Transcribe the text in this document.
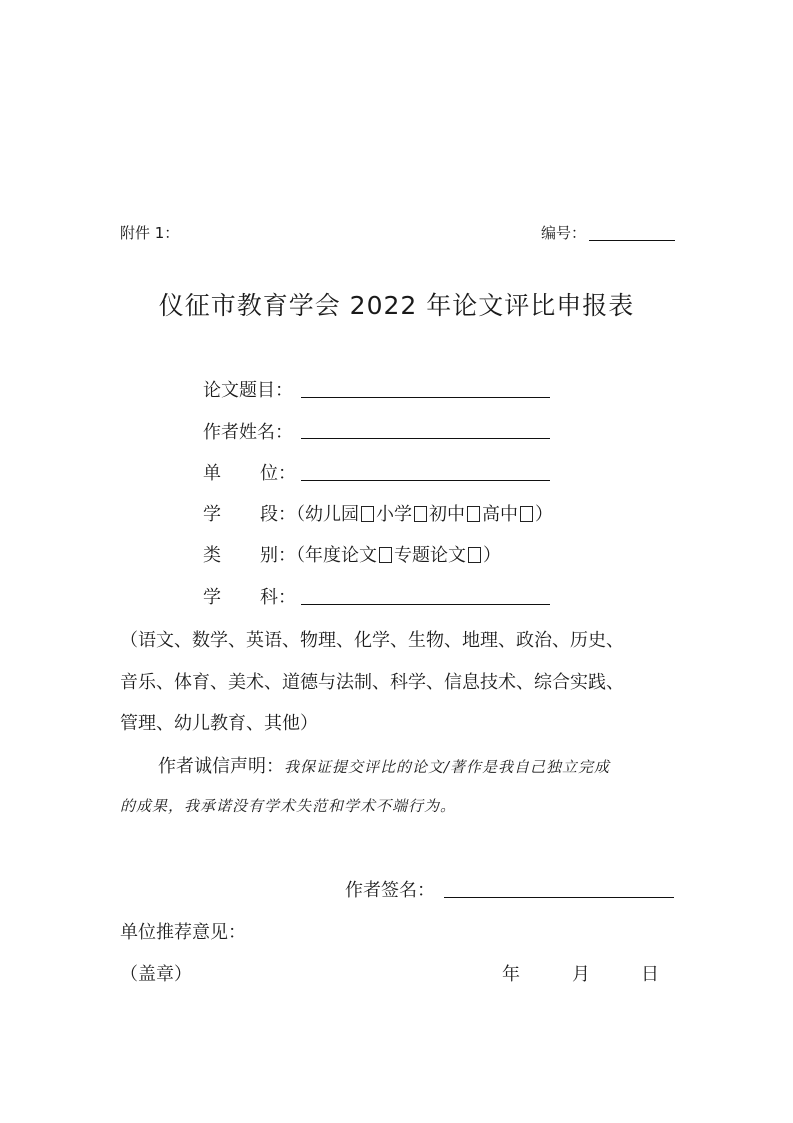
附件 1：	编号：
仪征市教育学会 2022 年论文评比申报表
论文题目：
作者姓名：
单 位：
学 段：（幼儿园 小学 初中 高中 ）
类 别：（年度论文 专题论文 ）
学 科：
（语文、数学、英语、物理、化学、生物、地理、政治、历史、
音乐、体育、美术、道德与法制、科学、信息技术、综合实践、
管理、幼儿教育、其他）
作者诚信声明：我保证提交评比的论文/著作是我自己独立完成
的成果，我承诺没有学术失范和学术不端行为。
作者签名：
单位推荐意见：
（盖章）	年	月	日
